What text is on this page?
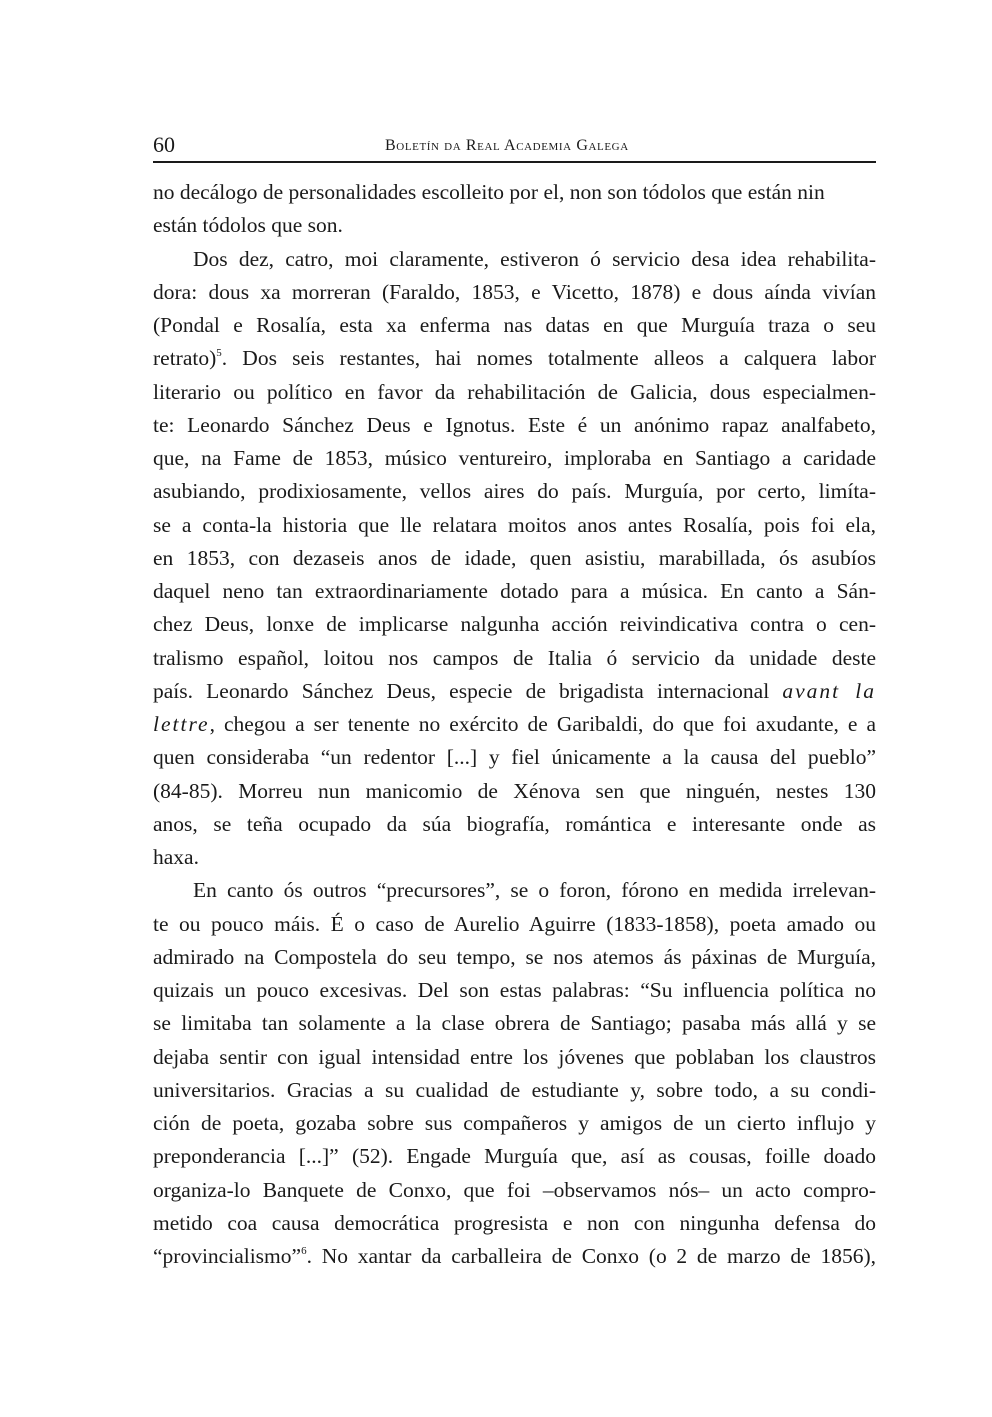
60	Boletín da Real Academia Galega
no decálogo de personalidades escolleito por el, non son tódolos que están nin
están tódolos que son.
Dos dez, catro, moi claramente, estiveron ó servicio desa idea rehabilita-
dora: dous xa morreran (Faraldo, 1853, e Vicetto, 1878) e dous aínda vivían
(Pondal e Rosalía, esta xa enferma nas datas en que Murguía traza o seu
retrato)$^5$. Dos seis restantes, hai nomes totalmente alleos a calquera labor
literario ou político en favor da rehabilitación de Galicia, dous especialmen-
te: Leonardo Sánchez Deus e Ignotus. Este é un anónimo rapaz analfabeto,
que, na Fame de 1853, músico ventureiro, imploraba en Santiago a caridade
asubiando, prodixiosamente, vellos aires do país. Murguía, por certo, limíta-
se a conta-la historia que lle relatara moitos anos antes Rosalía, pois foi ela,
en 1853, con dezaseis anos de idade, quen asistiu, marabillada, ós asubíos
daquel neno tan extraordinariamente dotado para a música. En canto a Sán-
chez Deus, lonxe de implicarse nalgunha acción reivindicativa contra o cen-
tralismo español, loitou nos campos de Italia ó servicio da unidade deste
país. Leonardo Sánchez Deus, especie de brigadista internacional avant la
lettre, chegou a ser tenente no exército de Garibaldi, do que foi axudante, e a
quen consideraba “un redentor [...] y fiel únicamente a la causa del pueblo”
(84-85). Morreu nun manicomio de Xénova sen que ninguén, nestes 130
anos, se teña ocupado da súa biografía, romántica e interesante onde as
haxa.
En canto ós outros “precursores”, se o foron, fórono en medida irrelevan-
te ou pouco máis. É o caso de Aurelio Aguirre (1833-1858), poeta amado ou
admirado na Compostela do seu tempo, se nos atemos ás páxinas de Murguía,
quizais un pouco excesivas. Del son estas palabras: “Su influencia política no
se limitaba tan solamente a la clase obrera de Santiago; pasaba más allá y se
dejaba sentir con igual intensidad entre los jóvenes que poblaban los claustros
universitarios. Gracias a su cualidad de estudiante y, sobre todo, a su condi-
ción de poeta, gozaba sobre sus compañeros y amigos de un cierto influjo y
preponderancia [...]” (52). Engade Murguía que, así as cousas, foille doado
organiza-lo Banquete de Conxo, que foi –observamos nós– un acto compro-
metido coa causa democrática progresista e non con ningunha defensa do
“provincialismo”$^6$. No xantar da carballeira de Conxo (o 2 de marzo de 1856),
